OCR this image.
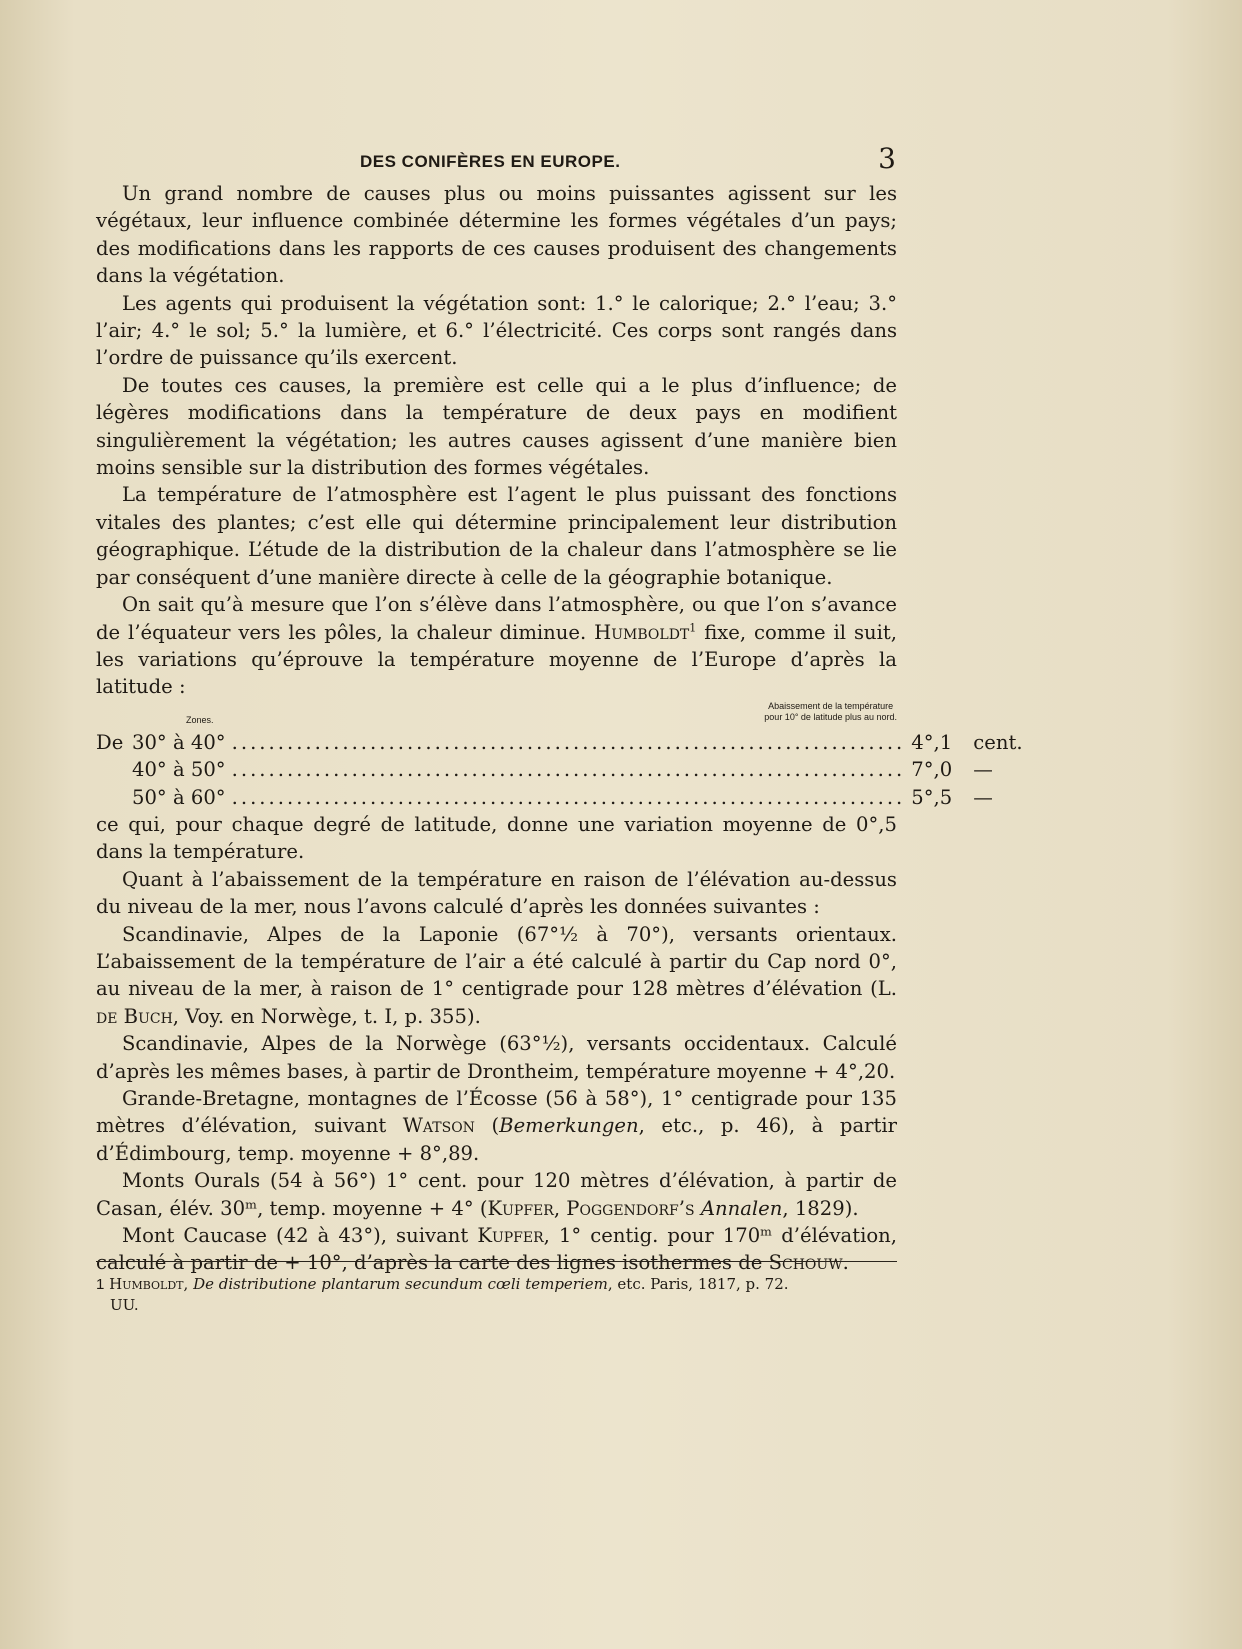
DES CONIFÈRES EN EUROPE.	3

Un grand nombre de causes plus ou moins puissantes agissent sur les végétaux, leur influence combinée détermine les formes végétales d’un pays; des modifications dans les rapports de ces causes produisent des changements dans la végétation.

Les agents qui produisent la végétation sont: 1.° le calorique; 2.° l’eau; 3.° l’air; 4.° le sol; 5.° la lumière, et 6.° l’électricité. Ces corps sont rangés dans l’ordre de puissance qu’ils exercent.

De toutes ces causes, la première est celle qui a le plus d’influence; de légères modifications dans la température de deux pays en modifient singulièrement la végétation; les autres causes agissent d’une manière bien moins sensible sur la distribution des formes végétales.

La température de l’atmosphère est l’agent le plus puissant des fonctions vitales des plantes; c’est elle qui détermine principalement leur distribution géographique. L’étude de la distribution de la chaleur dans l’atmosphère se lie par conséquent d’une manière directe à celle de la géographie botanique.

On sait qu’à mesure que l’on s’élève dans l’atmosphère, ou que l’on s’avance de l’équateur vers les pôles, la chaleur diminue. Humboldt$^1$ fixe, comme il suit, les variations qu’éprouve la température moyenne de l’Europe d’après la latitude :

Zones.
Abaissement de la température
pour 10° de latitude plus au nord.
De 30° à 40° ......................................................................... 4°,1	cent.
40° à 50° ......................................................................... 7°,0	—
50° à 60° ......................................................................... 5°,5	—

ce qui, pour chaque degré de latitude, donne une variation moyenne de 0°,5 dans la température.

Quant à l’abaissement de la température en raison de l’élévation au-dessus du niveau de la mer, nous l’avons calculé d’après les données suivantes :

Scandinavie, Alpes de la Laponie (67°½ à 70°), versants orientaux. L’abaissement de la température de l’air a été calculé à partir du Cap nord 0°, au niveau de la mer, à raison de 1° centigrade pour 128 mètres d’élévation (L. de Buch, Voy. en Norwège, t. I, p. 355).

Scandinavie, Alpes de la Norwège (63°½), versants occidentaux. Calculé d’après les mêmes bases, à partir de Drontheim, température moyenne + 4°,20.

Grande-Bretagne, montagnes de l’Écosse (56 à 58°), 1° centigrade pour 135 mètres d’élévation, suivant Watson (Bemerkungen, etc., p. 46), à partir d’Édimbourg, temp. moyenne + 8°,89.

Monts Ourals (54 à 56°) 1° cent. pour 120 mètres d’élévation, à partir de Casan, élév. 30ᵐ, temp. moyenne + 4° (Kupfer, Poggendorf’s Annalen, 1829).

Mont Caucase (42 à 43°), suivant Kupfer, 1° centig. pour 170ᵐ d’élévation, calculé à partir de + 10°, d’après la carte des lignes isothermes de Schouw.

1 Humboldt, De distributione plantarum secundum cœli temperiem, etc. Paris, 1817, p. 72.
UU.
